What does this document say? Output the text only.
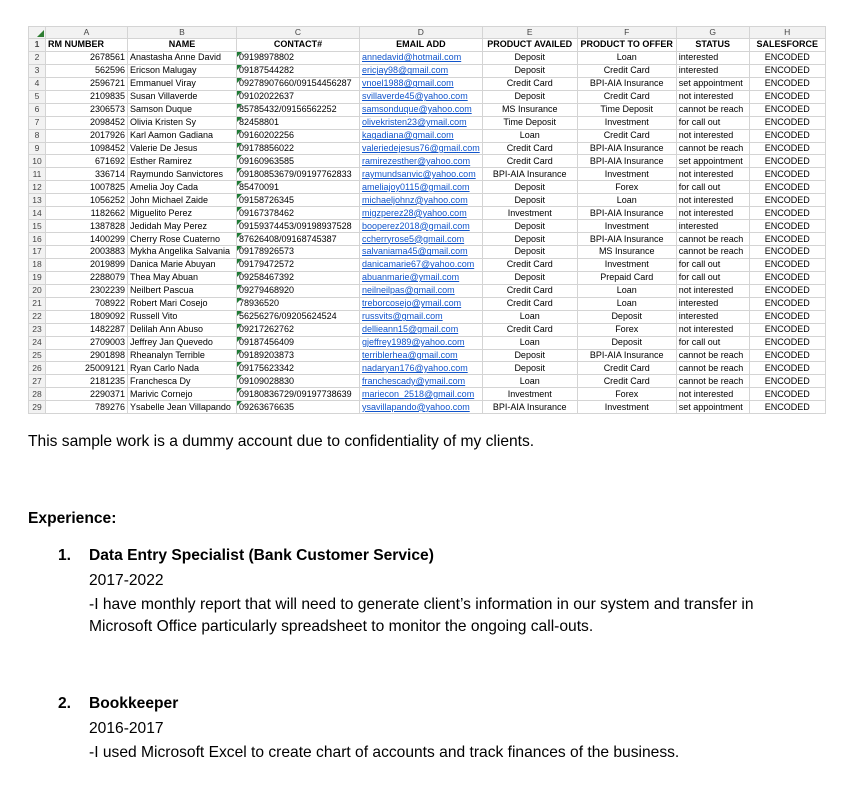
	A	B	C	D	E	F	G	H
1	RM NUMBER	NAME	CONTACT#	EMAIL ADD	PRODUCT AVAILED	PRODUCT TO OFFER	STATUS	SALESFORCE
2	2678561	Anastasha Anne David	09198978802	annedavid@hotmail.com	Deposit	Loan	interested	ENCODED
3	562596	Ericson Malugay	09187544282	ericjay98@gmail.com	Deposit	Credit Card	interested	ENCODED
4	2596721	Emmanuel Viray	09278907660/09154456287	vnoel1988@gmail.com	Credit Card	BPI-AIA Insurance	set appointment	ENCODED
5	2109835	Susan Villaverde	09102022637	svillaverde45@yahoo.com	Deposit	Credit Card	not interested	ENCODED
6	2306573	Samson Duque	85785432/09156562252	samsonduque@yahoo.com	MS Insurance	Time Deposit	cannot be reach	ENCODED
7	2098452	Olivia Kristen Sy	82458801	olivekristen23@ymail.com	Time Deposit	Investment	for call out	ENCODED
8	2017926	Karl Aamon Gadiana	09160202256	kagadiana@gmail.com	Loan	Credit Card	not interested	ENCODED
9	1098452	Valerie De Jesus	09178856022	valeriedejesus76@gmail.com	Credit Card	BPI-AIA Insurance	cannot be reach	ENCODED
10	671692	Esther Ramirez	09160963585	ramirezesther@yahoo.com	Credit Card	BPI-AIA Insurance	set appointment	ENCODED
11	336714	Raymundo Sanvictores	09180853679/09197762833	raymundsanvic@yahoo.com	BPI-AIA Insurance	Investment	not interested	ENCODED
12	1007825	Amelia Joy Cada	85470091	ameliajoy0115@gmail.com	Deposit	Forex	for call out	ENCODED
13	1056252	John Michael Zaide	09158726345	michaeljohnz@yahoo.com	Deposit	Loan	not interested	ENCODED
14	1182662	Miguelito Perez	09167378462	migzperez28@yahoo.com	Investment	BPI-AIA Insurance	not interested	ENCODED
15	1387828	Jedidah May Perez	09159374453/09198937528	booperez2018@gmail.com	Deposit	Investment	interested	ENCODED
16	1400299	Cherry Rose Cuaterno	87626408/09168745387	ccherryrose5@gmail.com	Deposit	BPI-AIA Insurance	cannot be reach	ENCODED
17	2003883	Mykha Angelika Salvania	09178926573	salvaniama45@gmail.com	Deposit	MS Insurance	cannot be reach	ENCODED
18	2019899	Danica Marie Abuyan	09179472572	danicamarie67@yahoo.com	Credit Card	Investment	for call out	ENCODED
19	2288079	Thea May Abuan	09258467392	abuanmarie@ymail.com	Deposit	Prepaid Card	for call out	ENCODED
20	2302239	Neilbert Pascua	09279468920	neilneilpas@gmail.com	Credit Card	Loan	not interested	ENCODED
21	708922	Robert Mari Cosejo	78936520	treborcosejo@ymail.com	Credit Card	Loan	interested	ENCODED
22	1809092	Russell Vito	56256276/09205624524	russvits@gmail.com	Loan	Deposit	interested	ENCODED
23	1482287	Delilah Ann Abuso	09217262762	dellieann15@gmail.com	Credit Card	Forex	not interested	ENCODED
24	2709003	Jeffrey Jan Quevedo	09187456409	gjeffrey1989@yahoo.com	Loan	Deposit	for call out	ENCODED
25	2901898	Rheanalyn Terrible	09189203873	terriblerhea@gmail.com	Deposit	BPI-AIA Insurance	cannot be reach	ENCODED
26	25009121	Ryan Carlo Nada	09175623342	nadaryan176@yahoo.com	Deposit	Credit Card	cannot be reach	ENCODED
27	2181235	Franchesca Dy	09109028830	franchescady@ymail.com	Loan	Credit Card	cannot be reach	ENCODED
28	2290371	Marivic Cornejo	09180836729/09197738639	mariecon_2518@gmail.com	Investment	Forex	not interested	ENCODED
29	789276	Ysabelle Jean Villapando	09263676635	ysavillapando@yahoo.com	BPI-AIA Insurance	Investment	set appointment	ENCODED
This sample work is a dummy account due to confidentiality of my clients.
Experience:
1. Data Entry Specialist (Bank Customer Service)
2017-2022
-I have monthly report that will need to generate client’s information in our system and transfer in Microsoft Office particularly spreadsheet to monitor the ongoing call-outs.
2. Bookkeeper
2016-2017
-I used Microsoft Excel to create chart of accounts and track finances of the business.
